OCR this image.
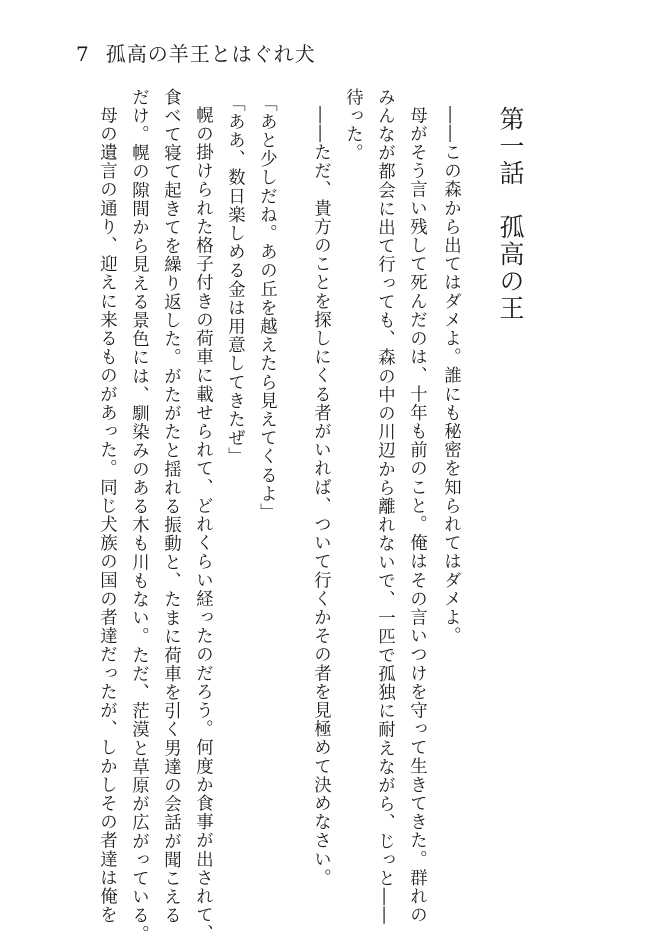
7 孤高の羊王とはぐれ犬
第一話　孤高の王
――この森から出てはダメよ。誰にも秘密を知られてはダメよ。
母がそう言い残して死んだのは、十年も前のこと。俺はその言いつけを守って生きてきた。群れの
みんなが都会に出て行っても、森の中の川辺から離れないで、一匹で孤独に耐えながら、じっと――
待った。
――ただ、貴方のことを探しにくる者がいれば、ついて行くかその者を見極めて決めなさい。
「あと少しだね。あの丘を越えたら見えてくるよ」
「ああ、数日楽しめる金は用意してきたぜ」
幌の掛けられた格子付きの荷車に載せられて、どれくらい経ったのだろう。何度か食事が出されて、
食べて寝て起きてを繰り返した。がたがたと揺れる振動と、たまに荷車を引く男達の会話が聞こえる
だけ。幌の隙間から見える景色には、馴染みのある木も川もない。ただ、茫漠と草原が広がっている。
母の遺言の通り、迎えに来るものがあった。同じ犬族の国の者達だったが、しかしその者達は俺を
